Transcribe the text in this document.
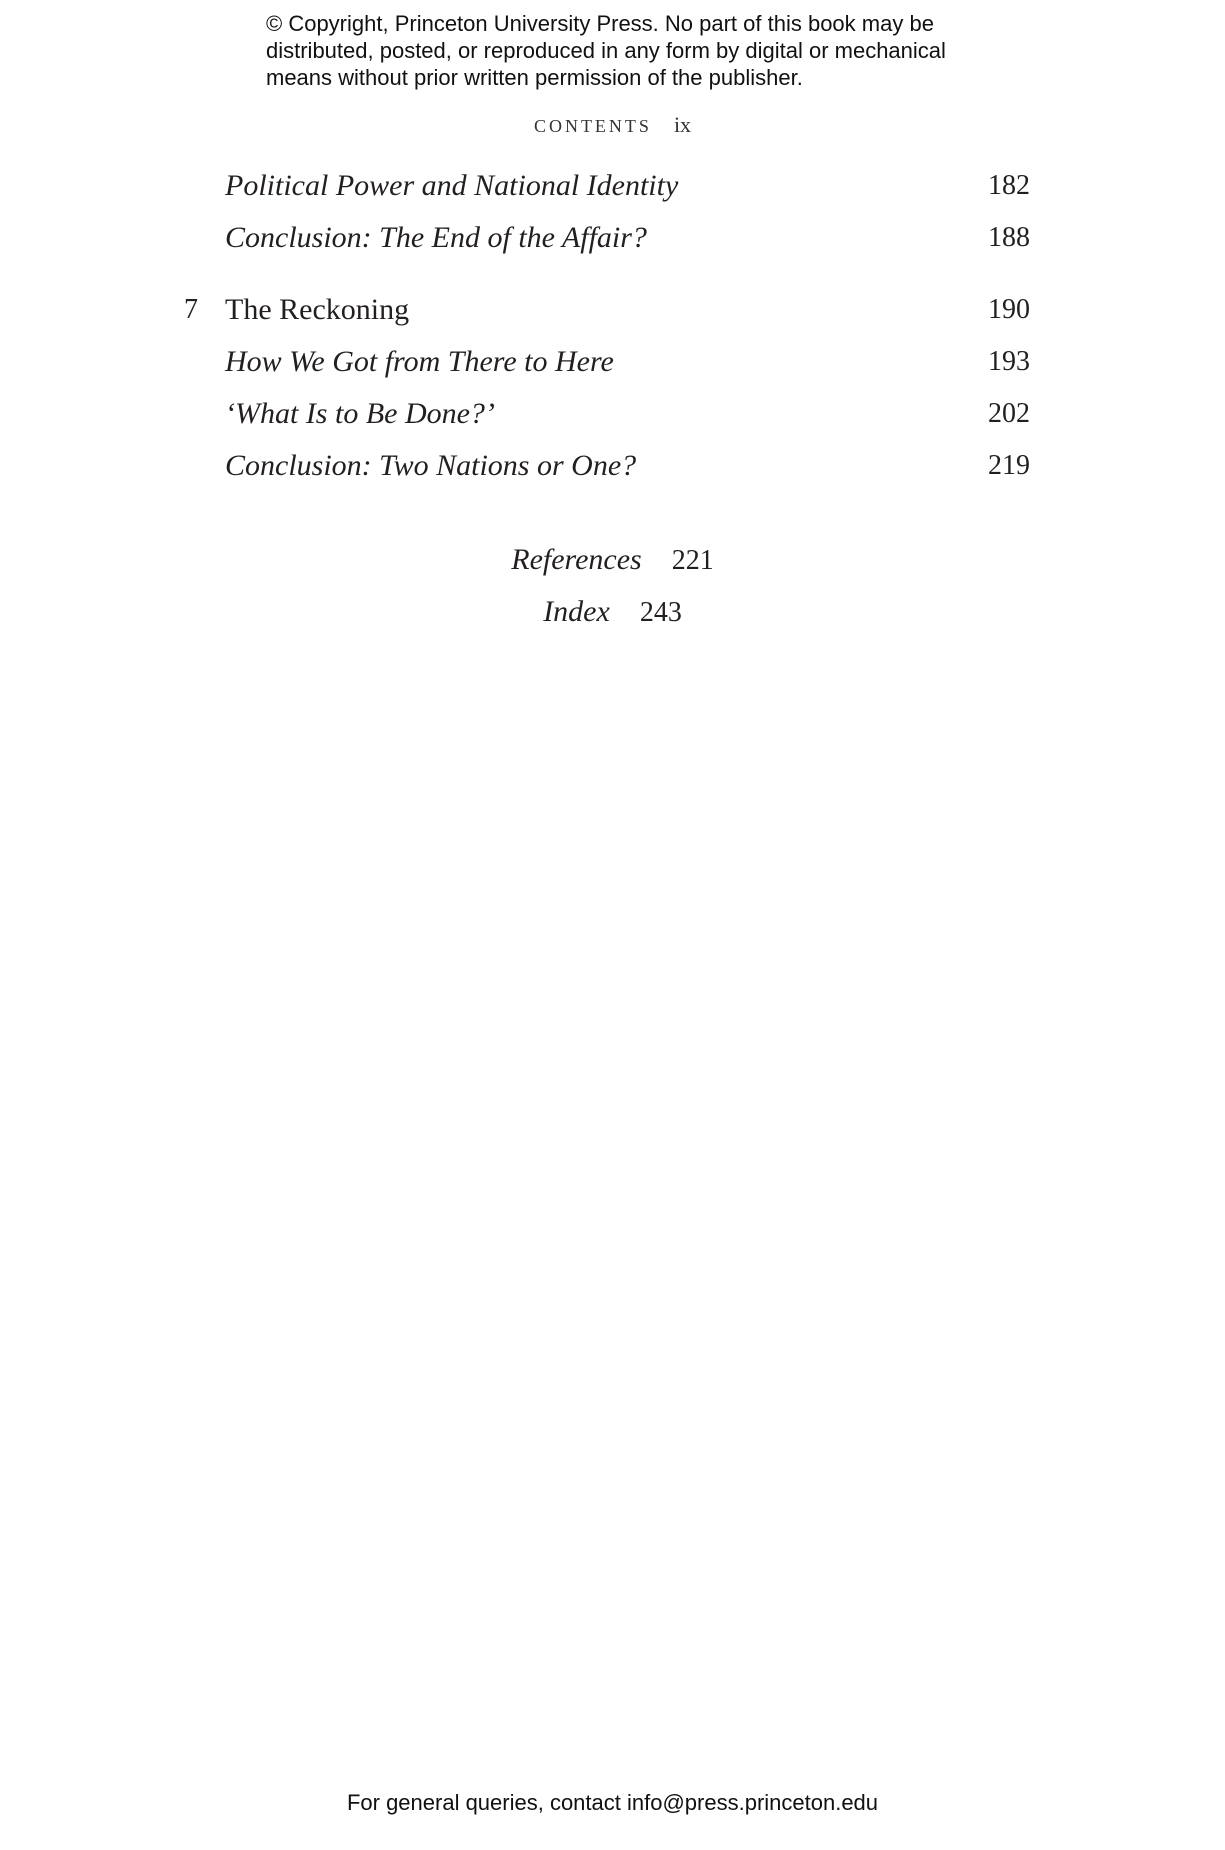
© Copyright, Princeton University Press. No part of this book may be
distributed, posted, or reproduced in any form by digital or mechanical
means without prior written permission of the publisher.
CONTENTS ix
Political Power and National Identity	182
Conclusion: The End of the Affair?	188
7 The Reckoning	190
How We Got from There to Here	193
‘What Is to Be Done?’	202
Conclusion: Two Nations or One?	219
References 221
Index 243
For general queries, contact info@press.princeton.edu
